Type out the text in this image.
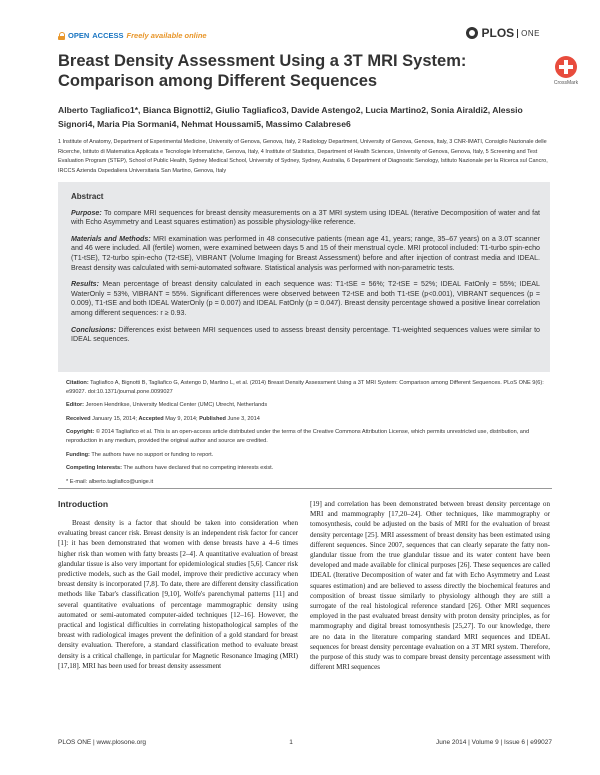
OPEN ACCESS Freely available online	PLOS ONE
Breast Density Assessment Using a 3T MRI System: Comparison among Different Sequences	CrossMark
Alberto Tagliafico1*, Bianca Bignotti2, Giulio Tagliafico3, Davide Astengo2, Lucia Martino2, Sonia Airaldi2, Alessio Signori4, Maria Pia Sormani4, Nehmat Houssami5, Massimo Calabrese6
1 Institute of Anatomy, Department of Experimental Medicine, University of Genova, Genova, Italy, 2 Radiology Department, University of Genova, Genova, Italy, 3 CNR-IMATI, Consiglio Nazionale delle Ricerche, Istituto di Matematica Applicata e Tecnologie Informatiche, Genova, Italy, 4 Institute of Statistics, Department of Health Sciences, University of Genova, Genova, Italy, 5 Screening and Test Evaluation Program (STEP), School of Public Health, Sydney Medical School, University of Sydney, Sydney, Australia, 6 Department of Diagnostic Senology, Istituto Nazionale per la Ricerca sul Cancro, IRCCS Azienda Ospedaliera Universitaria San Martino, Genova, Italy
Abstract

Purpose: To compare MRI sequences for breast density measurements on a 3T MRI system using IDEAL (Iterative Decomposition of water and fat with Echo Asymmetry and Least squares estimation) as possible physiology-like reference.

Materials and Methods: MRI examination was performed in 48 consecutive patients (mean age 41, years; range, 35–67 years) on a 3.0T scanner and 46 were included. All (fertile) women, were examined between days 5 and 15 of their menstrual cycle. MRI protocol included: T1-turbo spin-echo (T1-tSE), T2-turbo spin-echo (T2-tSE), VIBRANT (Volume Imaging for Breast Assessment) before and after injection of contrast media and IDEAL. Breast density was calculated with semi-automated software. Statistical analysis was performed with non-parametric tests.

Results: Mean percentage of breast density calculated in each sequence was: T1-tSE = 56%; T2-tSE = 52%; IDEAL FatOnly = 55%; IDEAL WaterOnly = 53%, VIBRANT = 55%. Significant differences were observed between T2-tSE and both T1-tSE (p<0.001), VIBRANT sequences (p = 0.009), T1-tSE and both IDEAL WaterOnly (p = 0.007) and IDEAL FatOnly (p = 0.047). Breast density percentage showed a positive linear correlation among different sequences: r ≥ 0.93.

Conclusions: Differences exist between MRI sequences used to assess breast density percentage. T1-weighted sequences values were similar to IDEAL sequences.

Citation: Tagliafico A, Bignotti B, Tagliafico G, Astengo D, Martino L, et al. (2014) Breast Density Assessment Using a 3T MRI System: Comparison among Different Sequences. PLoS ONE 9(6): e99027. doi:10.1371/journal.pone.0099027

Editor: Jeroen Hendrikse, University Medical Center (UMC) Utrecht, Netherlands

Received January 15, 2014; Accepted May 9, 2014; Published June 3, 2014

Copyright: © 2014 Tagliafico et al. This is an open-access article distributed under the terms of the Creative Commons Attribution License, which permits unrestricted use, distribution, and reproduction in any medium, provided the original author and source are credited.

Funding: The authors have no support or funding to report.

Competing Interests: The authors have declared that no competing interests exist.

* E-mail: alberto.tagliafico@unige.it

Introduction
Breast density is a factor that should be taken into consideration when evaluating breast cancer risk. Breast density is an independent risk factor for cancer [1]: it has been demonstrated that women with dense breasts have a 4–6 times higher risk than women with fatty breasts [2–4]. A quantitative evaluation of breast glandular tissue is also very important for epidemiological studies [5,6]. Cancer risk predictive models, such as the Gail model, improve their predictive accuracy when breast density is incorporated [7,8]. To date, there are different density classification methods like Tabar's classification [9,10], Wolfe's parenchymal patterns [11] and several quantitative evaluations of percentage mammographic density using automated or semi-automated computer-aided techniques [12–16]. However, the practical and logistical difficulties in correlating histopathological samples of the breast with radiological images prevent the definition of a gold standard for breast density evaluation. Therefore, a standard classification method to evaluate breast density is a critical challenge, in particular for Magnetic Resonance Imaging (MRI)[17,18]. MRI has been used for breast density assessment
[19] and correlation has been demonstrated between breast density percentage on MRI and mammography [17,20–24]. Other techniques, like mammography or tomosynthesis, could be adjusted on the basis of MRI for the evaluation of breast density percentage [25]. MRI assessment of breast density has been estimated using different sequences. Since 2007, sequences that can clearly separate the fatty non-glandular tissue from the true glandular tissue and its water content have been developed and made available for clinical purposes [26]. These sequences are called IDEAL (Iterative Decomposition of water and fat with Echo Asymmetry and Least squares estimation) and are believed to assess directly the biochemical features and composition of breast tissue similarly to physiology although they are still a surrogate of the real histological reference standard [26]. Other MRI sequences employed in the past evaluated breast density with proton density principles, as for mammography and digital breast tomosynthesis [25,27]. To our knowledge, there are no data in the literature comparing standard MRI sequences and IDEAL sequences for breast density percentage evaluation on a 3T MRI system. Therefore, the purpose of this study was to compare breast density percentage assessment with different MRI sequences
PLOS ONE | www.plosone.org	1	June 2014 | Volume 9 | Issue 6 | e99027
